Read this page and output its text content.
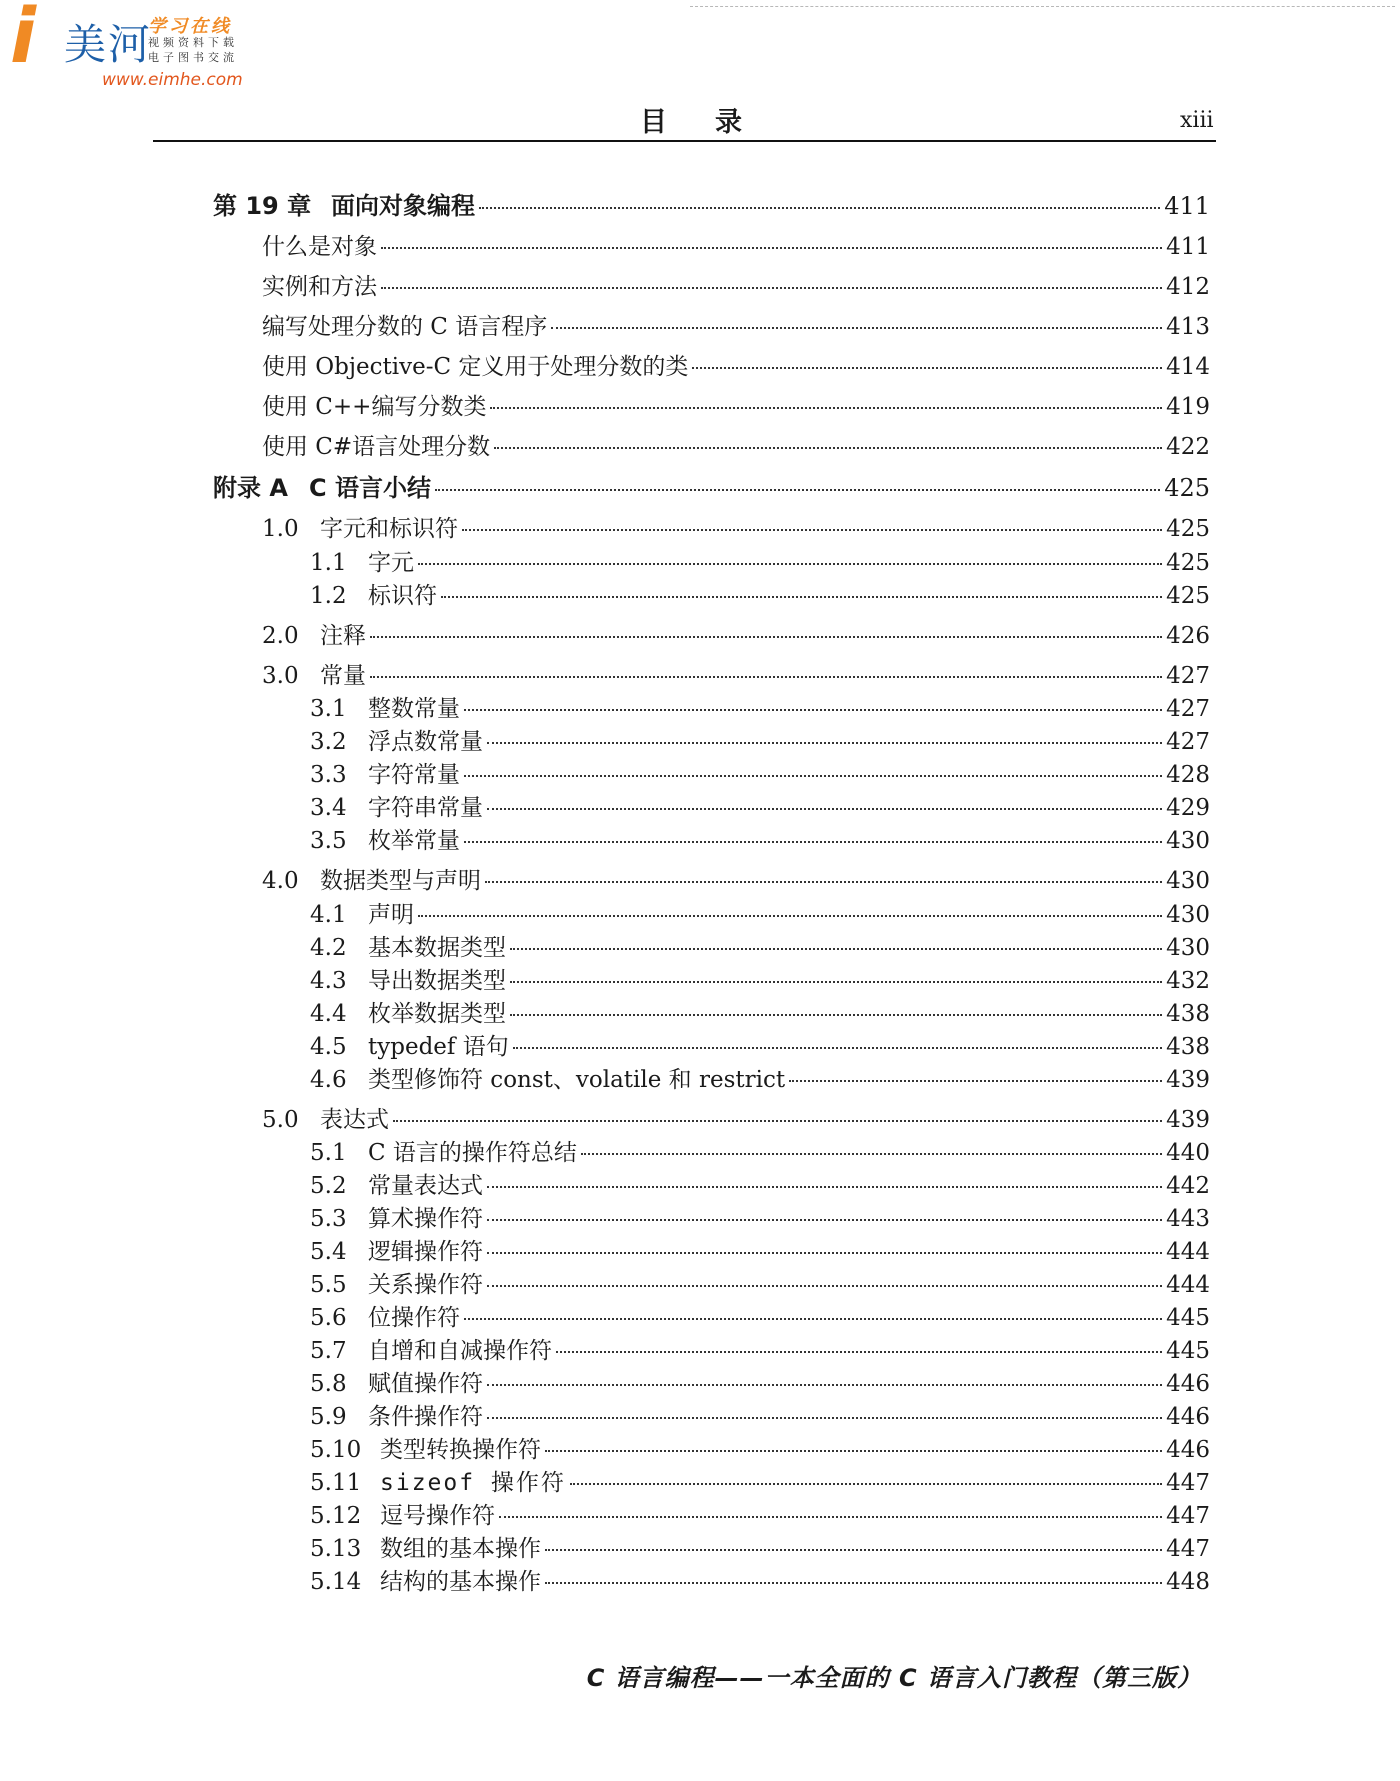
i 美河
学习在线
视频资料下载
电子图书交流
www.eimhe.com
目录	xiii
第 19 章 面向对象编程	411
什么是对象	411
实例和方法	412
编写处理分数的 C 语言程序	413
使用 Objective-C 定义用于处理分数的类	414
使用 C++编写分数类	419
使用 C#语言处理分数	422
附录 A C 语言小结	425
1.0 字元和标识符	425
1.1 字元	425
1.2 标识符	425
2.0 注释	426
3.0 常量	427
3.1 整数常量	427
3.2 浮点数常量	427
3.3 字符常量	428
3.4 字符串常量	429
3.5 枚举常量	430
4.0 数据类型与声明	430
4.1 声明	430
4.2 基本数据类型	430
4.3 导出数据类型	432
4.4 枚举数据类型	438
4.5 typedef 语句	438
4.6 类型修饰符 const、volatile 和 restrict	439
5.0 表达式	439
5.1 C 语言的操作符总结	440
5.2 常量表达式	442
5.3 算术操作符	443
5.4 逻辑操作符	444
5.5 关系操作符	444
5.6 位操作符	445
5.7 自增和自减操作符	445
5.8 赋值操作符	446
5.9 条件操作符	446
5.10 类型转换操作符	446
5.11 sizeof 操作符	447
5.12 逗号操作符	447
5.13 数组的基本操作	447
5.14 结构的基本操作	448
C 语言编程——一本全面的 C 语言入门教程（第三版）
